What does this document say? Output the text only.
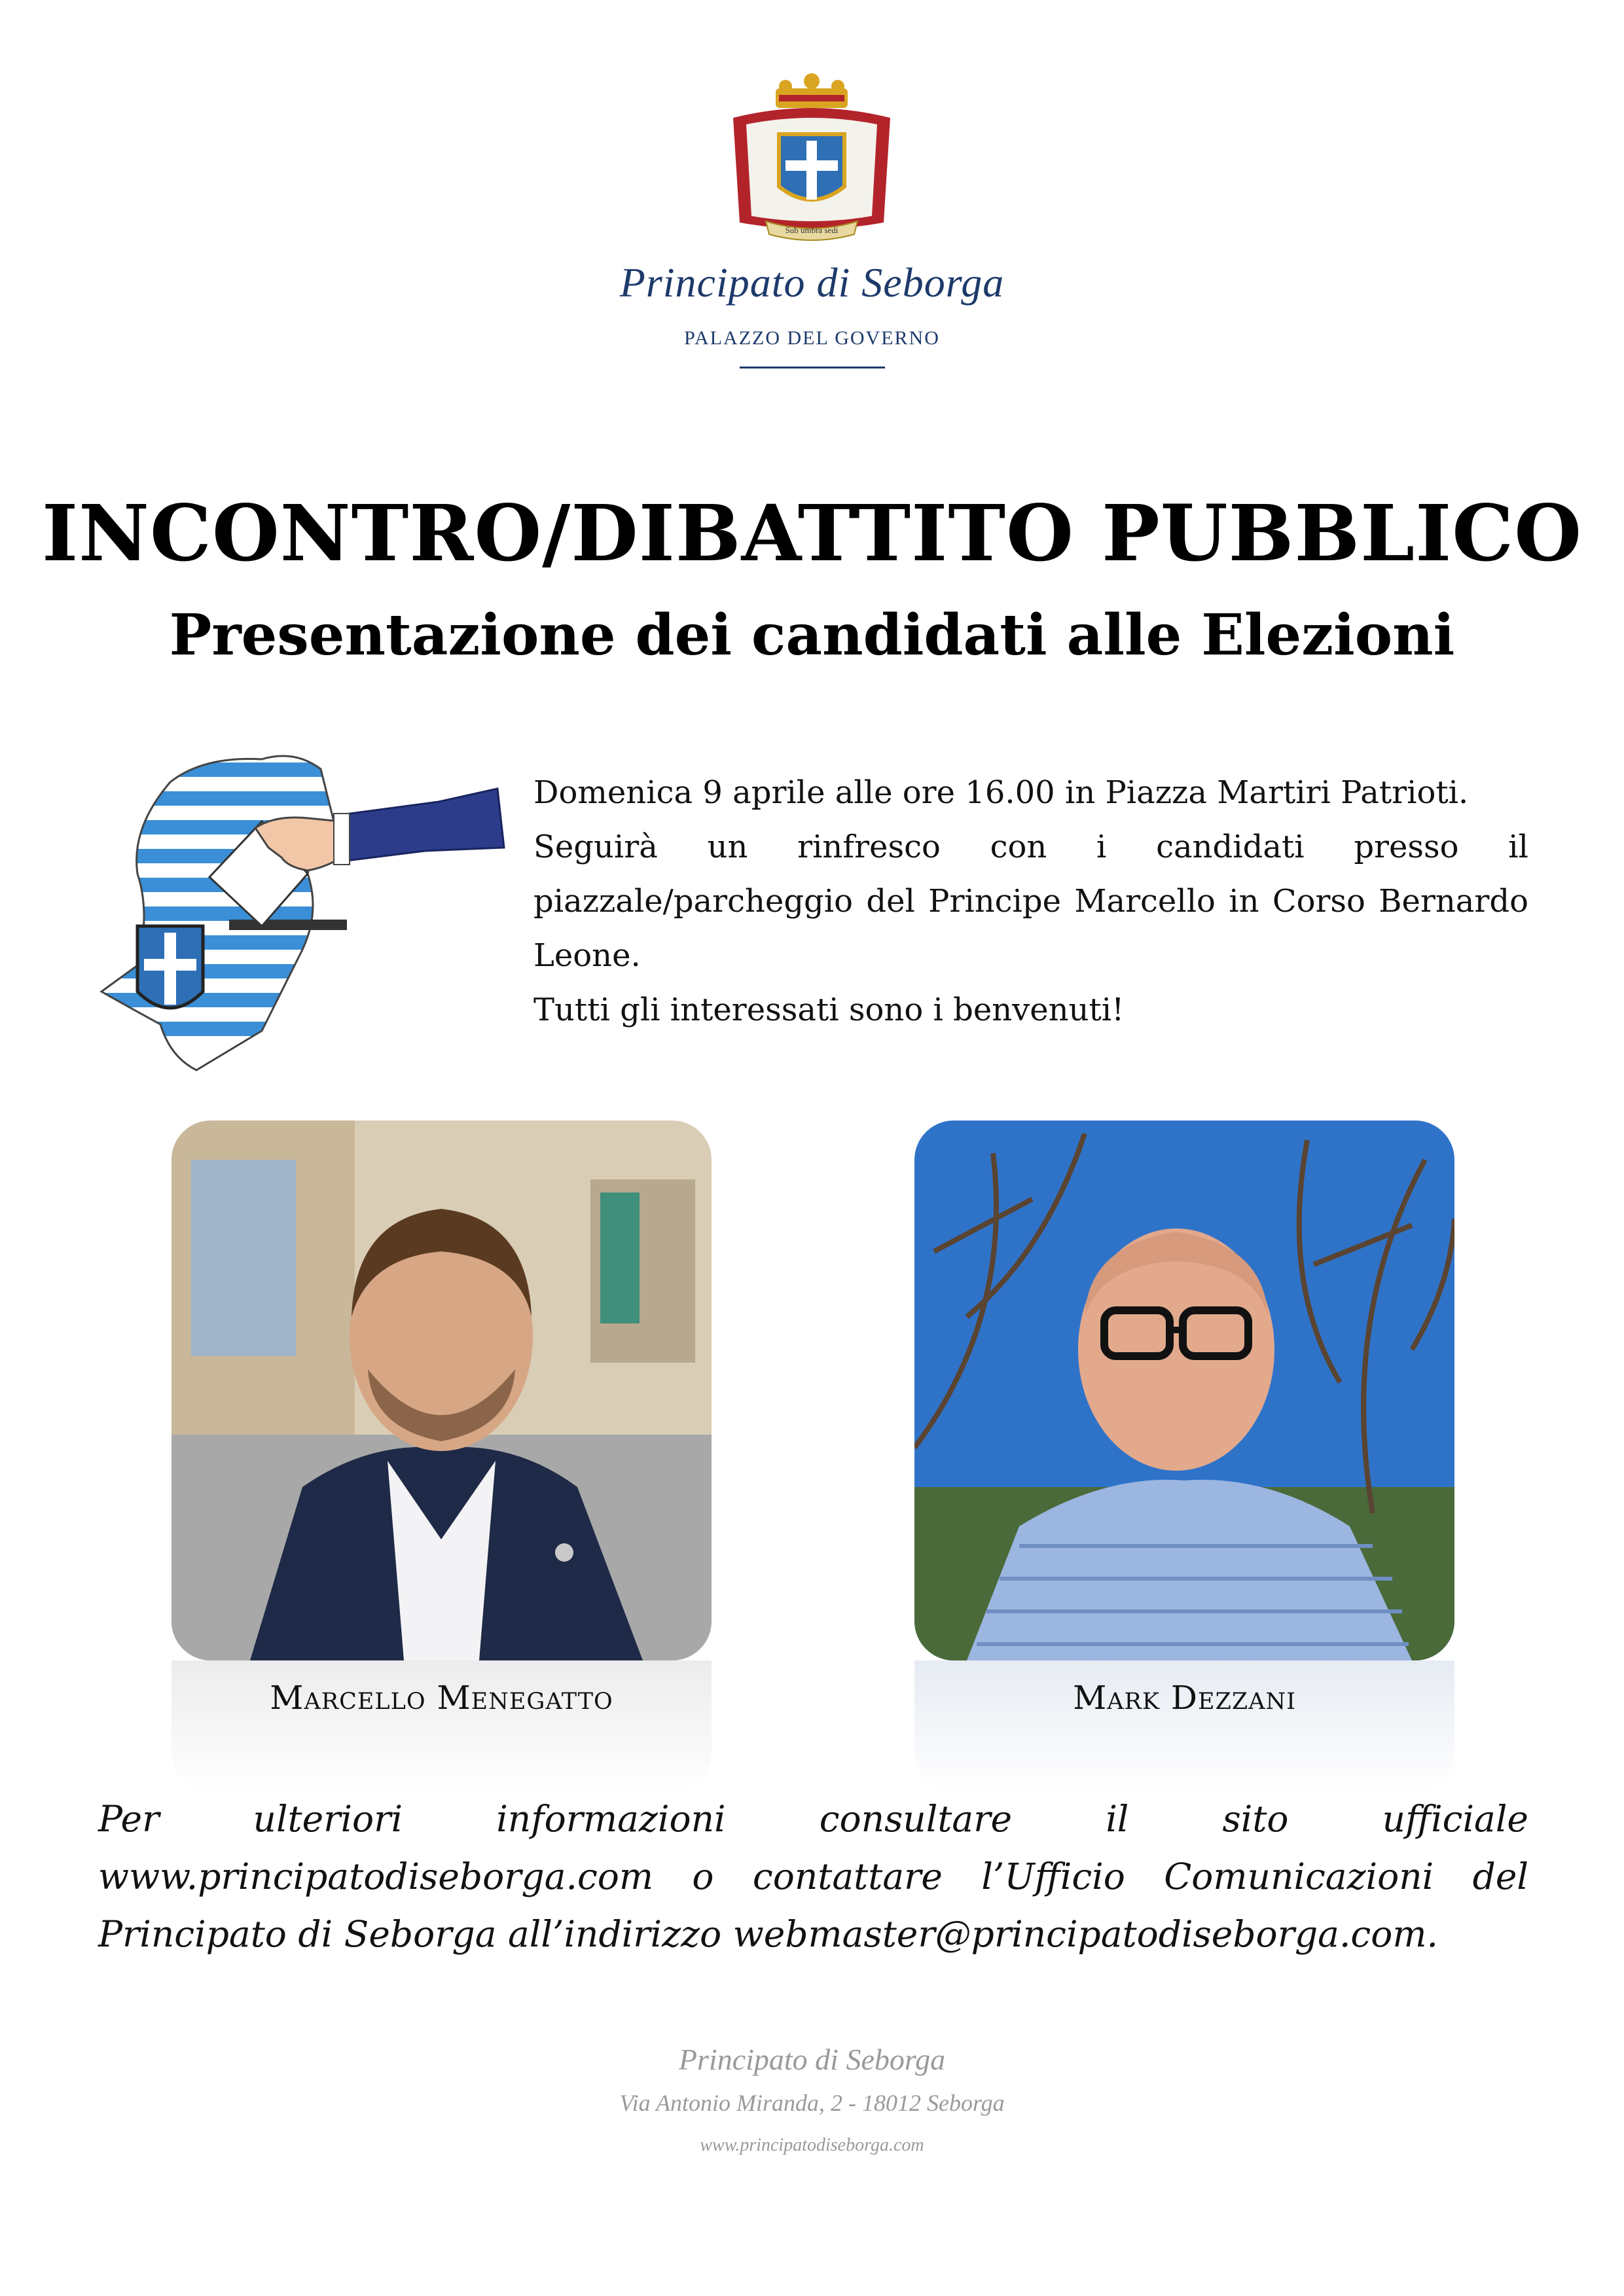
Sub umbra sedi
Principato di Seborga
PALAZZO DEL GOVERNO
INCONTRO/DIBATTITO PUBBLICO
Presentazione dei candidati alle Elezioni

Domenica 9 aprile alle ore 16.00 in Piazza Martiri Patrioti.

Seguirà un rinfresco con i candidati presso il piazzale/parcheggio del Principe Marcello in Corso Bernardo Leone.

Tutti gli interessati sono i benvenuti!

Marcello Menegatto	Mark Dezzani
Per ulteriori informazioni consultare il sito ufficiale www.principatodiseborga.com o contattare l’Ufficio Comunicazioni del Principato di Seborga all’indirizzo webmaster@principatodiseborga.com.
Principato di Seborga
Via Antonio Miranda, 2 - 18012 Seborga
www.principatodiseborga.com
